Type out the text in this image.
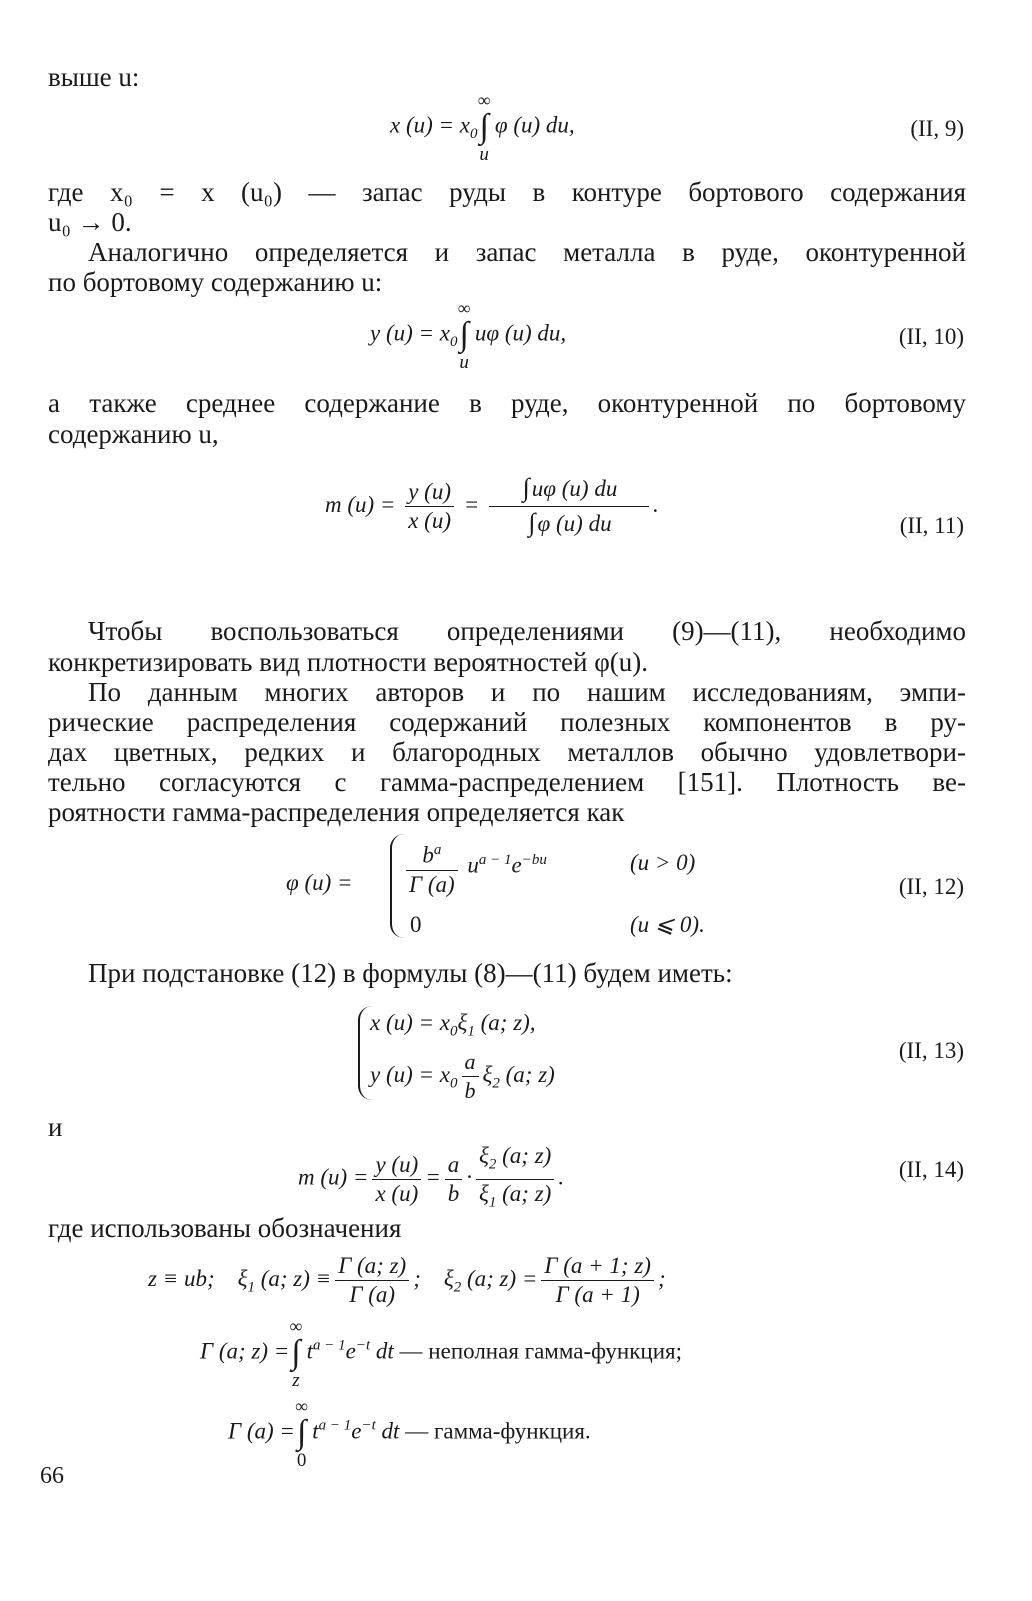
выше u:

x $(u) = x_0$
∞
∫
u
φ (u) du,	(II, 9)

где x₀ = x (u₀) — запас руды в контуре бортового содержания

u₀ → 0.

Аналогично определяется и запас металла в руде, оконтуренной

по бортовому содержанию u:

y $(u) = x_0$
∞
∫
u
uφ (u) du,	(II, 10)

а также среднее содержание в руде, оконтуренной по бортовому

содержанию u,

m $(u) = \frac{y (u)}{x (u)} = \frac{\int u\varphi (u) du}{\int \varphi (u) du}$ .
(II, 11)

Чтобы воспользоваться определениями (9)—(11), необходимо

конкретизировать вид плотности вероятностей φ(u).

По данным многих авторов и по нашим исследованиям, эмпи-

рические распределения содержаний полезных компонентов в ру-

дах цветных, редких и благородных металлов обычно удовлетвори-

тельно согласуются с гамма-распределением [151]. Плотность ве-

роятности гамма-распределения определяется как

φ $(u) = \frac{b^a}{\Gamma (a)} u^{a - 1}e^{-bu}$	(u > 0)
0	(u ⩽ 0).
(II, 12)

При подстановке (12) в формулы (8)—(11) будем иметь:

x $(u) = x_0\xi_1$ (a; z),
y $(u) = x_0 \frac{a}{b} \xi_2$ (a; z)
(II, 13)

и

m $(u) = \frac{y (u)}{x (u)} = \frac{a}{b} \cdot \frac{\xi_2 (a; z)}{\xi_1 (a; z)}$ .	(II, 14)

где использованы обозначения

z ≡ ub;    $\xi_1$ (a; $z) \equiv \frac{\Gamma (a; z)}{\Gamma (a)}$ ;    $\xi_2$ (a; $z) = \frac{\Gamma (a + 1; z)}{\Gamma (a + 1)}$ ;
Γ (a; z) =
∞
∫
z
$t^{a - 1}e^{-t}$ dt — неполная гамма-функция;
Γ (a) =
∞
∫
0
$t^{a - 1}e^{-t}$ dt — гамма-функция.
66
